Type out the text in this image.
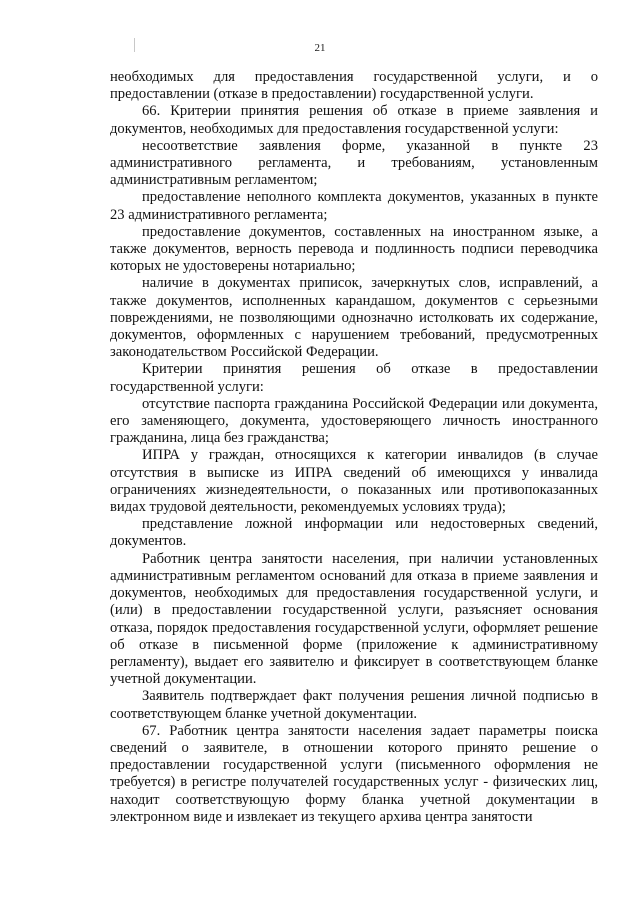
21

необходимых для предоставления государственной услуги, и о предоставлении (отказе в предоставлении) государственной услуги.

66. Критерии принятия решения об отказе в приеме заявления и документов, необходимых для предоставления государственной услуги:

несоответствие заявления форме, указанной в пункте 23 административного регламента, и требованиям, установленным административным регламентом;

предоставление неполного комплекта документов, указанных в пункте 23 административного регламента;

предоставление документов, составленных на иностранном языке, а также документов, верность перевода и подлинность подписи переводчика которых не удостоверены нотариально;

наличие в документах приписок, зачеркнутых слов, исправлений, а также документов, исполненных карандашом, документов с серьезными повреждениями, не позволяющими однозначно истолковать их содержание, документов, оформленных с нарушением требований, предусмотренных законодательством Российской Федерации.

Критерии принятия решения об отказе в предоставлении государственной услуги:

отсутствие паспорта гражданина Российской Федерации или документа, его заменяющего, документа, удостоверяющего личность иностранного гражданина, лица без гражданства;

ИПРА у граждан, относящихся к категории инвалидов (в случае отсутствия в выписке из ИПРА сведений об имеющихся у инвалида ограничениях жизнедеятельности, о показанных или противопоказанных видах трудовой деятельности, рекомендуемых условиях труда);

представление ложной информации или недостоверных сведений, документов.

Работник центра занятости населения, при наличии установленных административным регламентом оснований для отказа в приеме заявления и документов, необходимых для предоставления государственной услуги, и (или) в предоставлении государственной услуги, разъясняет основания отказа, порядок предоставления государственной услуги, оформляет решение об отказе в письменной форме (приложение к административному регламенту), выдает его заявителю и фиксирует в соответствующем бланке учетной документации.

Заявитель подтверждает факт получения решения личной подписью в соответствующем бланке учетной документации.

67. Работник центра занятости населения задает параметры поиска сведений о заявителе, в отношении которого принято решение о предоставлении государственной услуги (письменного оформления не требуется) в регистре получателей государственных услуг - физических лиц, находит соответствующую форму бланка учетной документации в электронном виде и извлекает из текущего архива центра занятости
